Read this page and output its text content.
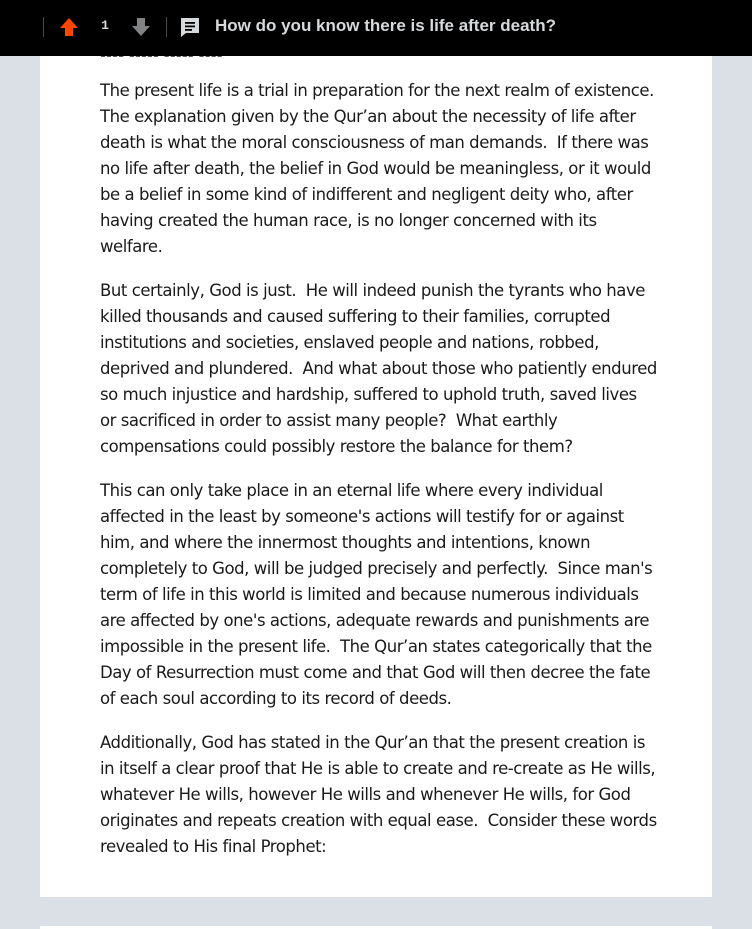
1	How do you know there is life after death?

The present life is a trial in preparation for the next realm of existence.
The explanation given by the Qur’an about the necessity of life after
death is what the moral consciousness of man demands.  If there was
no life after death, the belief in God would be meaningless, or it would
be a belief in some kind of indifferent and negligent deity who, after
having created the human race, is no longer concerned with its
welfare.

But certainly, God is just.  He will indeed punish the tyrants who have
killed thousands and caused suffering to their families, corrupted
institutions and societies, enslaved people and nations, robbed,
deprived and plundered.  And what about those who patiently endured
so much injustice and hardship, suffered to uphold truth, saved lives
or sacrificed in order to assist many people?  What earthly
compensations could possibly restore the balance for them?

This can only take place in an eternal life where every individual
affected in the least by someone's actions will testify for or against
him, and where the innermost thoughts and intentions, known
completely to God, will be judged precisely and perfectly.  Since man's
term of life in this world is limited and because numerous individuals
are affected by one's actions, adequate rewards and punishments are
impossible in the present life.  The Qur’an states categorically that the
Day of Resurrection must come and that God will then decree the fate
of each soul according to its record of deeds.

Additionally, God has stated in the Qur’an that the present creation is
in itself a clear proof that He is able to create and re-create as He wills,
whatever He wills, however He wills and whenever He wills, for God
originates and repeats creation with equal ease.  Consider these words
revealed to His final Prophet:
